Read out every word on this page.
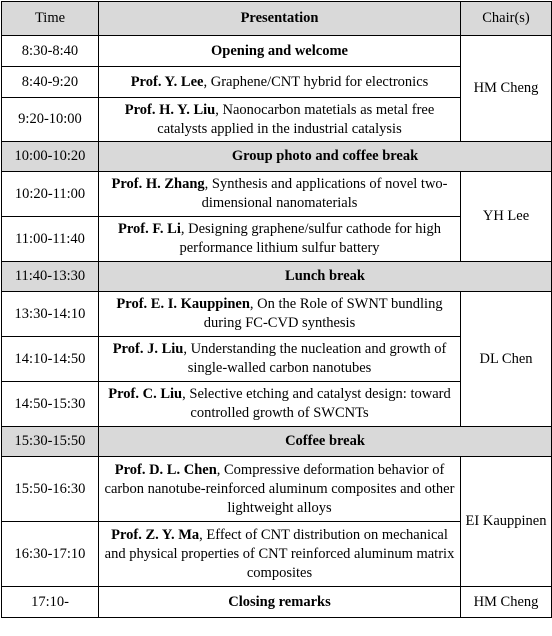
Time	Presentation	Chair(s)
8:30-8:40	Opening and welcome	HM Cheng
8:40-9:20	Prof. Y. Lee, Graphene/CNT hybrid for electronics	
9:20-10:00	Prof. H. Y. Liu, Naonocarbon matetials as metal free catalysts applied in the industrial catalysis	
10:00-10:20	Group photo and coffee break	
10:20-11:00	Prof. H. Zhang, Synthesis and applications of novel two-dimensional nanomaterials	YH Lee
11:00-11:40	Prof. F. Li, Designing graphene/sulfur cathode for high performance lithium sulfur battery	
11:40-13:30	Lunch break	
13:30-14:10	Prof. E. I. Kauppinen, On the Role of SWNT bundling during FC-CVD synthesis	DL Chen
14:10-14:50	Prof. J. Liu, Understanding the nucleation and growth of single-walled carbon nanotubes	
14:50-15:30	Prof. C. Liu, Selective etching and catalyst design: toward controlled growth of SWCNTs	
15:30-15:50	Coffee break	
15:50-16:30	Prof. D. L. Chen, Compressive deformation behavior of carbon nanotube-reinforced aluminum composites and other lightweight alloys	EI Kauppinen
16:30-17:10	Prof. Z. Y. Ma, Effect of CNT distribution on mechanical and physical properties of CNT reinforced aluminum matrix composites	
17:10-	Closing remarks	HM Cheng
